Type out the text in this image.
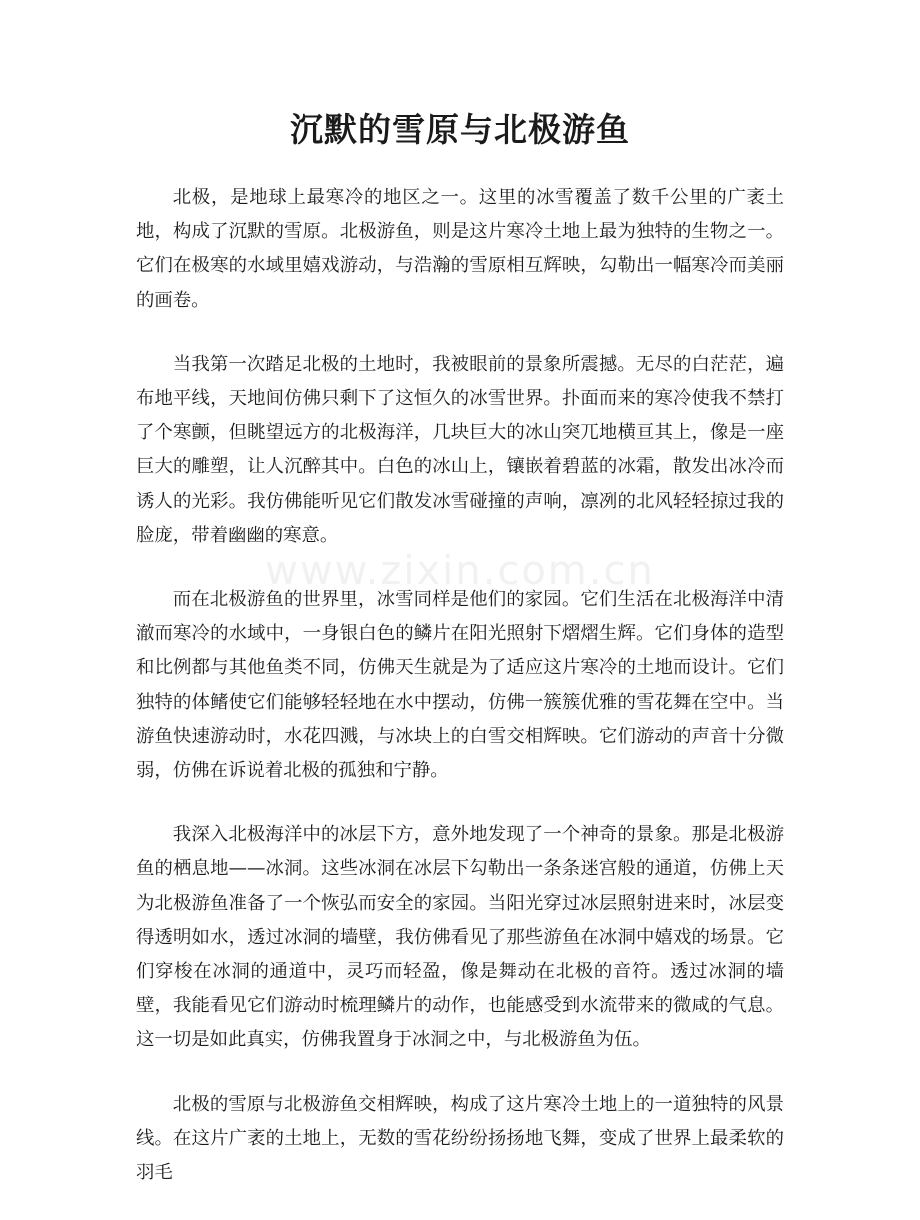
沉默的雪原与北极游鱼

北极，是地球上最寒冷的地区之一。这里的冰雪覆盖了数千公里的广袤土地，构成了沉默的雪原。北极游鱼，则是这片寒冷土地上最为独特的生物之一。它们在极寒的水域里嬉戏游动，与浩瀚的雪原相互辉映，勾勒出一幅寒冷而美丽的画卷。

当我第一次踏足北极的土地时，我被眼前的景象所震撼。无尽的白茫茫，遍布地平线，天地间仿佛只剩下了这恒久的冰雪世界。扑面而来的寒冷使我不禁打了个寒颤，但眺望远方的北极海洋，几块巨大的冰山突兀地横亘其上，像是一座巨大的雕塑，让人沉醉其中。白色的冰山上，镶嵌着碧蓝的冰霜，散发出冰冷而诱人的光彩。我仿佛能听见它们散发冰雪碰撞的声响，凛冽的北风轻轻掠过我的脸庞，带着幽幽的寒意。

而在北极游鱼的世界里，冰雪同样是他们的家园。它们生活在北极海洋中清澈而寒冷的水域中，一身银白色的鳞片在阳光照射下熠熠生辉。它们身体的造型和比例都与其他鱼类不同，仿佛天生就是为了适应这片寒冷的土地而设计。它们独特的体鳍使它们能够轻轻地在水中摆动，仿佛一簇簇优雅的雪花舞在空中。当游鱼快速游动时，水花四溅，与冰块上的白雪交相辉映。它们游动的声音十分微弱，仿佛在诉说着北极的孤独和宁静。

我深入北极海洋中的冰层下方，意外地发现了一个神奇的景象。那是北极游鱼的栖息地——冰洞。这些冰洞在冰层下勾勒出一条条迷宫般的通道，仿佛上天为北极游鱼准备了一个恢弘而安全的家园。当阳光穿过冰层照射进来时，冰层变得透明如水，透过冰洞的墙壁，我仿佛看见了那些游鱼在冰洞中嬉戏的场景。它们穿梭在冰洞的通道中，灵巧而轻盈，像是舞动在北极的音符。透过冰洞的墙壁，我能看见它们游动时梳理鳞片的动作，也能感受到水流带来的微咸的气息。这一切是如此真实，仿佛我置身于冰洞之中，与北极游鱼为伍。

北极的雪原与北极游鱼交相辉映，构成了这片寒冷土地上的一道独特的风景线。在这片广袤的土地上，无数的雪花纷纷扬扬地飞舞，变成了世界上最柔软的羽毛

www.zixin.com.cn
